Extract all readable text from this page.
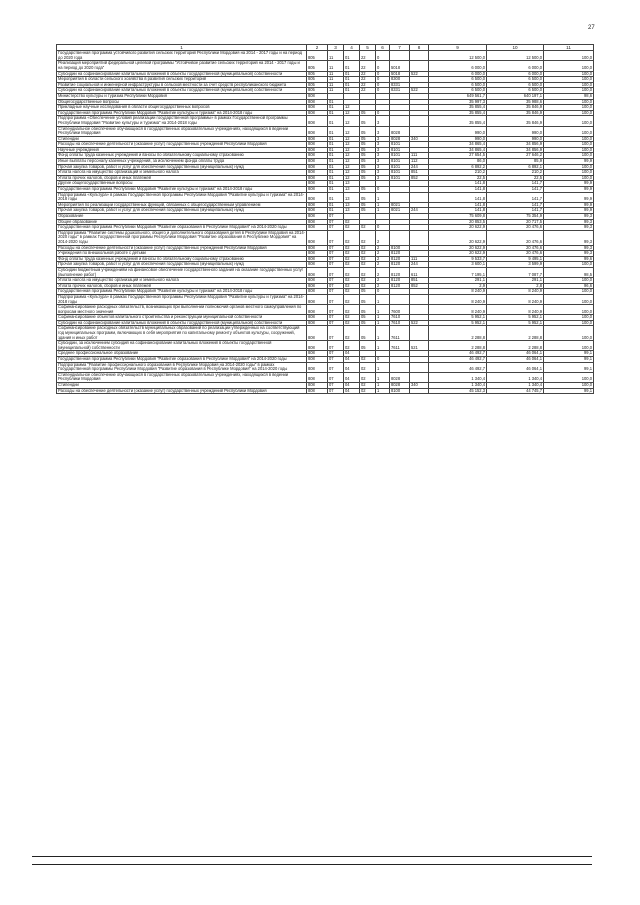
27
1	2	3	4	5	6	7	8	9	10	11
Государственная программа устойчивого развития сельских территорий Республики Мордовия на 2014 - 2017 годы и на период до 2020 года	805	11	01	22	0			12 500,0	12 500,0	100,0
Реализация мероприятий федеральной целевой программы "Устойчивое развитие сельских территорий на 2014 - 2017 годы и на период до 2020 года"	805	11	01	22	0	5018		6 000,0	6 000,0	100,0
Субсидии на софинансирование капитальных вложений в объекты государственной (муниципальной) собственности	805	11	01	22	0	5018	522	6 000,0	6 000,0	100,0
Мероприятия в области сельского хозяйства в развития сельских территорий	805	11	01	22	0	8300		6 500,0	6 500,0	100,0
Развитие социальной и инженерной инфраструктуры в сельской местности за счет средств республиканского бюджета	805	11	01	22	0	8331		6 500,0	6 500,0	100,0
Субсидии на софинансирование капитальных вложений в объекты государственной (муниципальной) собственности	805	11	01	22	0	8331	522	6 500,0	6 500,0	100,0
Министерство культуры и туризма Республики Мордовия	808							649 561,7	640 197,1	98,6
Общегосударственные вопросы	808	01						35 997,3	35 988,6	100,0
Прикладные научные исследования в области общегосударственных вопросов	808	01	12					35 855,4	35 846,9	100,0
Государственная программа Республики Мордовия "Развитие культуры и туризма" на 2014-2018 годы	808	01	12	05	0			35 855,4	35 846,9	100,0
Подпрограмма «Обеспечение условий реализации государственной программы» в рамках Государственной программы Республики Мордовия "Развитие культуры и туризма" на 2014-2018 годы	808	01	12	05	3			35 855,4	35 846,9	100,0
Стипендиальное обеспечение обучающихся в государственных образовательных учреждениях, находящихся в ведении Республики Мордовия	808	01	12	05	3	8028		990,0	990,0	100,0
Стипендии	808	01	12	05	3	8028	340	990,0	990,0	100,0
Расходы на обеспечение деятельности (оказание услуг) государственных учреждений Республики Мордовия	808	01	12	05	3	8101		34 865,4	34 856,9	100,0
Научные учреждения	808	01	12	05	3	8101		34 865,4	34 856,9	100,0
Фонд оплаты труда казенных учреждений и взносы по обязательному социальному страхованию	808	01	12	05	3	8101	111	27 654,5	27 646,2	100,0
Иные выплаты персоналу казенных учреждений, за исключением фонда оплаты труда	808	01	12	05	3	8101	112	86,0	85,9	99,9
Прочая закупка товаров, работ и услуг для обеспечения государственных (муниципальных) нужд	808	01	12	05	3	8101	244	6 892,2	6 892,1	100,0
Уплата налога на имущество организаций и земельного налога	808	01	12	05	3	8101	851	210,2	210,2	100,0
Уплата прочих налогов, сборов и иных платежей	808	01	12	05	3	8101	852	22,5	22,5	100,0
Другие общегосударственные вопросы	808	01	13					141,8	141,7	99,9
Государственная программа Республики Мордовия "Развитие культуры и туризма" на 2014-2018 годы	808	01	13	05	0			141,8	141,7	99,9
Подпрограмма «Культура» в рамках Государственной программы Республики Мордовия "Развитие культуры и туризма" на 2014-2018 годы	808	01	13	05	1			141,8	141,7	99,9
Мероприятия по реализации государственных функций, связанных с общегосударственным управлением	808	01	13	05	1	8021		141,8	141,7	99,9
Прочая закупка товаров, работ и услуг для обеспечения государственных (муниципальных) нужд	808	01	13	05	1	8021	244	141,8	141,7	99,9
Образование	808	07						75 609,8	75 354,9	99,3
Общее образование	808	07	02					20 853,5	20 717,5	99,3
Государственная программа Республики Мордовия "Развитие образования в Республике Мордовия" на 2014-2020 годы	808	07	02	02	0			20 622,9	20 476,6	99,3
Подпрограмма "Развитие системы дошкольного, общего и дополнительного образования детей в Республике Мордовия на 2014-2020 годы" в рамках Государственной программы Республики Мордовия "Развитие образования в Республике Мордовия" на 2014-2020 годы	808	07	02	02	2			20 622,9	20 476,6	99,3
Расходы на обеспечение деятельности (оказание услуг) государственных учреждений Республики Мордовия	808	07	02	02	2	8100		20 622,9	20 476,6	99,3
Учреждения по внешкольной работе с детьми	808	07	02	02	2	8120		20 622,9	20 476,6	99,3
Фонд оплаты труда казенных учреждений и взносы по обязательному социальному страхованию	808	07	02	02	2	8120	111	9 533,7	9 495,1	99,6
Прочая закупка товаров, работ и услуг для обеспечения государственных (муниципальных) нужд	808	07	02	02	2	8120	244	3 600,1	3 599,9	100,0
Субсидии бюджетным учреждениям на финансовое обеспечение государственного задания на оказание государственных услуг (выполнение работ)	808	07	02	02	2	8120	611	7 195,1	7 087,7	98,5
Уплата налога на имущество организаций и земельного налога	808	07	02	02	2	8120	851	291,1	291,1	100,0
Уплата прочих налогов, сборов и иных платежей	808	07	02	02	2	8120	852	2,9	2,8	96,6
Государственная программа Республики Мордовия "Развитие культуры и туризма" на 2014-2018 годы	808	07	02	05	0			8 240,9	8 240,9	100,0
Подпрограмма «Культура» в рамках Государственной программы Республики Мордовия "Развитие культуры и туризма" на 2014-2018 годы	808	07	02	05	1			8 240,9	8 240,9	100,0
Софинансирование расходных обязательств, возникающих при выполнении полномочий органов местного самоуправления по вопросам местного значения	808	07	02	05	1	7600		8 240,9	8 240,9	100,0
Софинансирование объектов капитального строительства и реконструкции муниципальной собственности	808	07	02	05	1	7610		5 952,1	5 952,1	100,0
Субсидии на софинансирование капитальных вложений в объекты государственной (муниципальной) собственности	808	07	02	05	1	7610	522	5 952,1	5 952,1	100,0
Софинансирование расходных обязательств муниципальных образований по реализации утвержденных на соответствующий год муниципальных программ, включающих в себя мероприятия по капитальному ремонту объектов культуры, сооружений, здания и иных работ	808	07	02	05	1	7611		2 288,8	2 288,8	100,0
Субсидии, за исключением субсидий на софинансирование капитальных вложений в объекты государственной (муниципальной) собственности	808	07	02	05	1	7611	521	2 288,8	2 288,8	100,0
Среднее профессиональное образование	808	07	04					46 492,7	46 064,1	99,1
Государственная программа Республики Мордовия "Развитие образования в Республике Мордовия" на 2014-2020 годы	808	07	04	02	0			46 492,7	46 064,1	99,1
Подпрограмма "Развитие профессионального образования в Республике Мордовия на 2014-2020 годы" в рамках Государственной программы Республики Мордовия "Развитие образования в Республике Мордовия" на 2014-2020 годы	808	07	04	02	1			46 492,7	46 064,1	99,1
Стипендиальное обеспечение обучающихся в государственных образовательных учреждениях, находящихся в ведении Республики Мордовия	808	07	04	02	1	8028		1 340,4	1 340,4	100,0
Стипендии	808	07	04	02	1	8028	340	1 340,4	1 340,4	100,0
Расходы на обеспечение деятельности (оказание услуг) государственных учреждений Республики Мордовия	808	07	04	02	1	8100		45 152,3	44 745,7	99,1
